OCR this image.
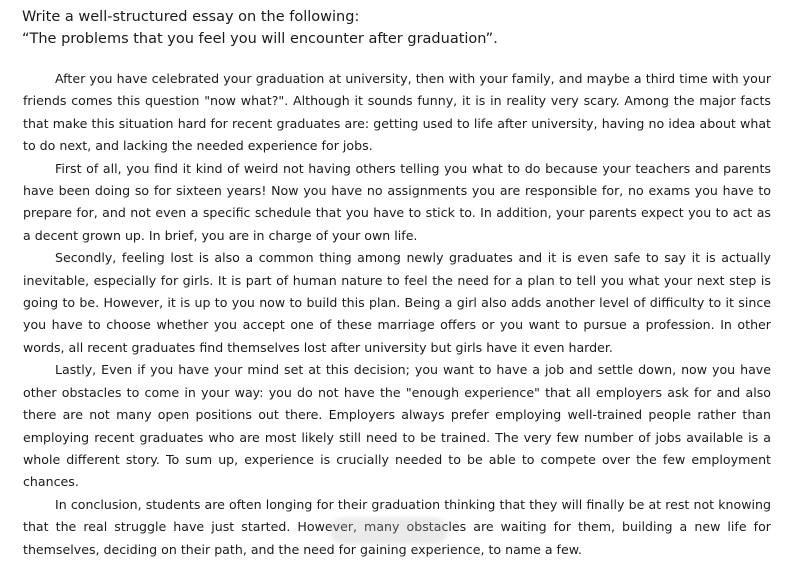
Write a well-structured essay on the following:
“The problems that you feel you will encounter after graduation”.

After you have celebrated your graduation at university, then with your family, and maybe a third time with your friends comes this question "now what?". Although it sounds funny, it is in reality very scary. Among the major facts that make this situation hard for recent graduates are: getting used to life after university, having no idea about what to do next, and lacking the needed experience for jobs.

First of all, you find it kind of weird not having others telling you what to do because your teachers and parents have been doing so for sixteen years! Now you have no assignments you are responsible for, no exams you have to prepare for, and not even a specific schedule that you have to stick to. In addition, your parents expect you to act as a decent grown up. In brief, you are in charge of your own life.

Secondly, feeling lost is also a common thing among newly graduates and it is even safe to say it is actually inevitable, especially for girls. It is part of human nature to feel the need for a plan to tell you what your next step is going to be. However, it is up to you now to build this plan. Being a girl also adds another level of difficulty to it since you have to choose whether you accept one of these marriage offers or you want to pursue a profession. In other words, all recent graduates find themselves lost after university but girls have it even harder.

Lastly, Even if you have your mind set at this decision; you want to have a job and settle down, now you have other obstacles to come in your way: you do not have the "enough experience" that all employers ask for and also there are not many open positions out there. Employers always prefer employing well-trained people rather than employing recent graduates who are most likely still need to be trained. The very few number of jobs available is a whole different story. To sum up, experience is crucially needed to be able to compete over the few employment chances.

In conclusion, students are often longing for their graduation thinking that they will finally be at rest not knowing that the real struggle have just started. However, many obstacles are waiting for them, building a new life for themselves, deciding on their path, and the need for gaining experience, to name a few.
